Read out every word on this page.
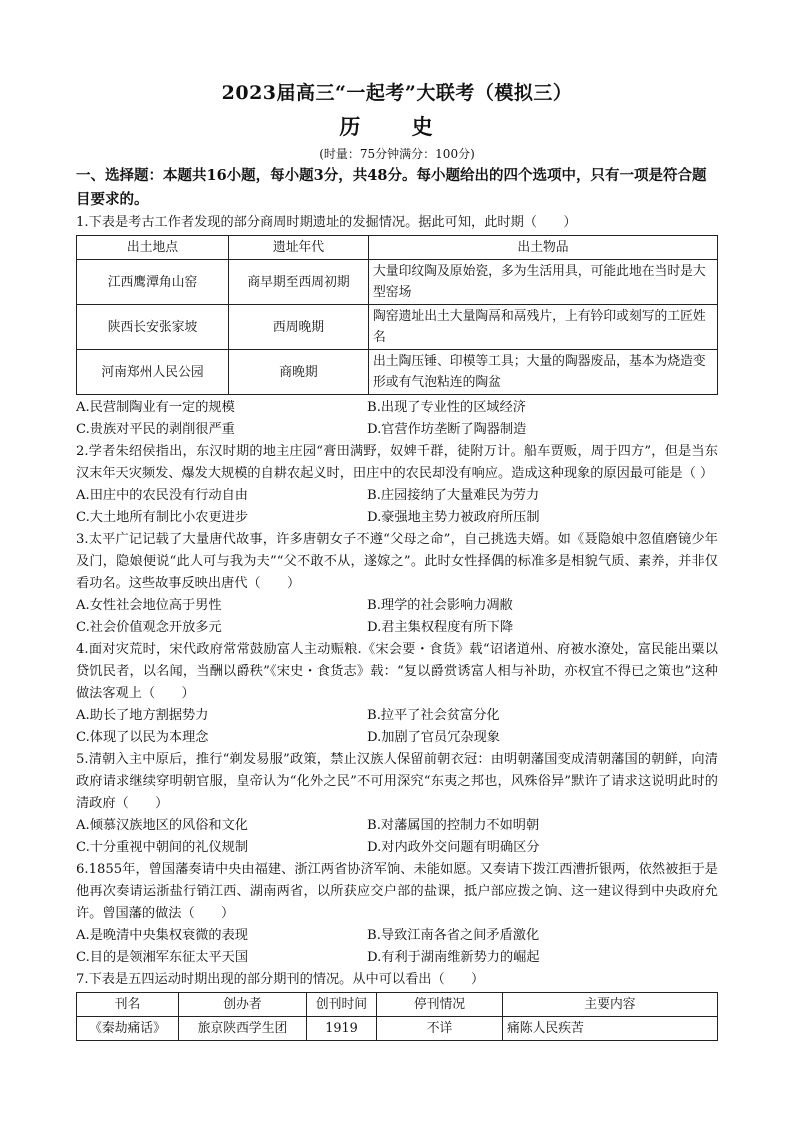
2023届高三“一起考”大联考（模拟三）
历 史
(时量：75分钟满分：100分)
一、选择题：本题共16小题，每小题3分，共48分。每小题给出的四个选项中，只有一项是符合题目要求的。
1.下表是考古工作者发现的部分商周时期遗址的发掘情况。据此可知，此时期（　　）
出土地点	遗址年代	出土物品
江西鹰潭角山窑	商早期至西周初期	大量印纹陶及原始瓷，多为生活用具，可能此地在当时是大型窑场
陕西长安张家坡	西周晚期	陶窑遗址出土大量陶鬲和鬲残片，上有钤印或刻写的工匠姓名
河南郑州人民公园	商晚期	出土陶压锤、印模等工具；大量的陶器废品，基本为烧造变形或有气泡粘连的陶盆
A.民营制陶业有一定的规模	B.出现了专业性的区域经济
C.贵族对平民的剥削很严重	D.官营作坊垄断了陶器制造
2.学者朱绍侯指出，东汉时期的地主庄园“膏田满野，奴婢千群，徒附万计。船车贾贩，周于四方”，但是当东汉末年天灾频发、爆发大规模的自耕农起义时，田庄中的农民却没有响应。造成这种现象的原因最可能是（ ）
A.田庄中的农民没有行动自由	B.庄园接纳了大量难民为劳力
C.大土地所有制比小农更进步	D.豪强地主势力被政府所压制
3.太平广记记载了大量唐代故事，许多唐朝女子不遵“父母之命”，自己挑选夫婿。如《聂隐娘中忽值磨镜少年及门，隐娘便说“此人可与我为夫”“父不敢不从，遂嫁之”。此时女性择偶的标准多是相貌气质、素养，并非仅看功名。这些故事反映出唐代（　　）
A.女性社会地位高于男性	B.理学的社会影响力凋敝
C.社会价值观念开放多元	D.君主集权程度有所下降
4.面对灾荒时，宋代政府常常鼓励富人主动赈粮.《宋会要・食货》载“诏诸道州、府被水潦处，富民能出粟以贷饥民者，以名闻，当酬以爵秩”《宋史・食货志》载：“复以爵赏诱富人相与补助，亦权宜不得已之策也”这种做法客观上（　　）
A.助长了地方割据势力	B.拉平了社会贫富分化
C.体现了以民为本理念	D.加剧了官员冗杂现象
5.清朝入主中原后，推行“剃发易服”政策，禁止汉族人保留前朝衣冠：由明朝藩国变成清朝藩国的朝鲜，向清政府请求继续穿明朝官服，皇帝认为“化外之民”不可用深究“东夷之邦也，风殊俗异”默许了请求这说明此时的清政府（　　）
A.倾慕汉族地区的风俗和文化	B.对藩属国的控制力不如明朝
C.十分重视中朝间的礼仪规制	D.对内政外交问题有明确区分
6.1855年，曾国藩奏请中央由福建、浙江两省协济军饷、未能如愿。又奏请下拨江西漕折银两，依然被拒于是他再次奏请运浙盐行销江西、湖南两省，以所获应交户部的盐课，抵户部应拨之饷、这一建议得到中央政府允许。曾国藩的做法（　　）
A.是晚清中央集权衰微的表现	B.导致江南各省之间矛盾激化
C.目的是领湘军东征太平天国	D.有利于湖南维新势力的崛起
7.下表是五四运动时期出现的部分期刊的情况。从中可以看出（　　）
刊名	创办者	创刊时间	停刊情况	主要内容
《秦劫痛话》	旅京陕西学生团	1919	不详	痛陈人民疾苦
